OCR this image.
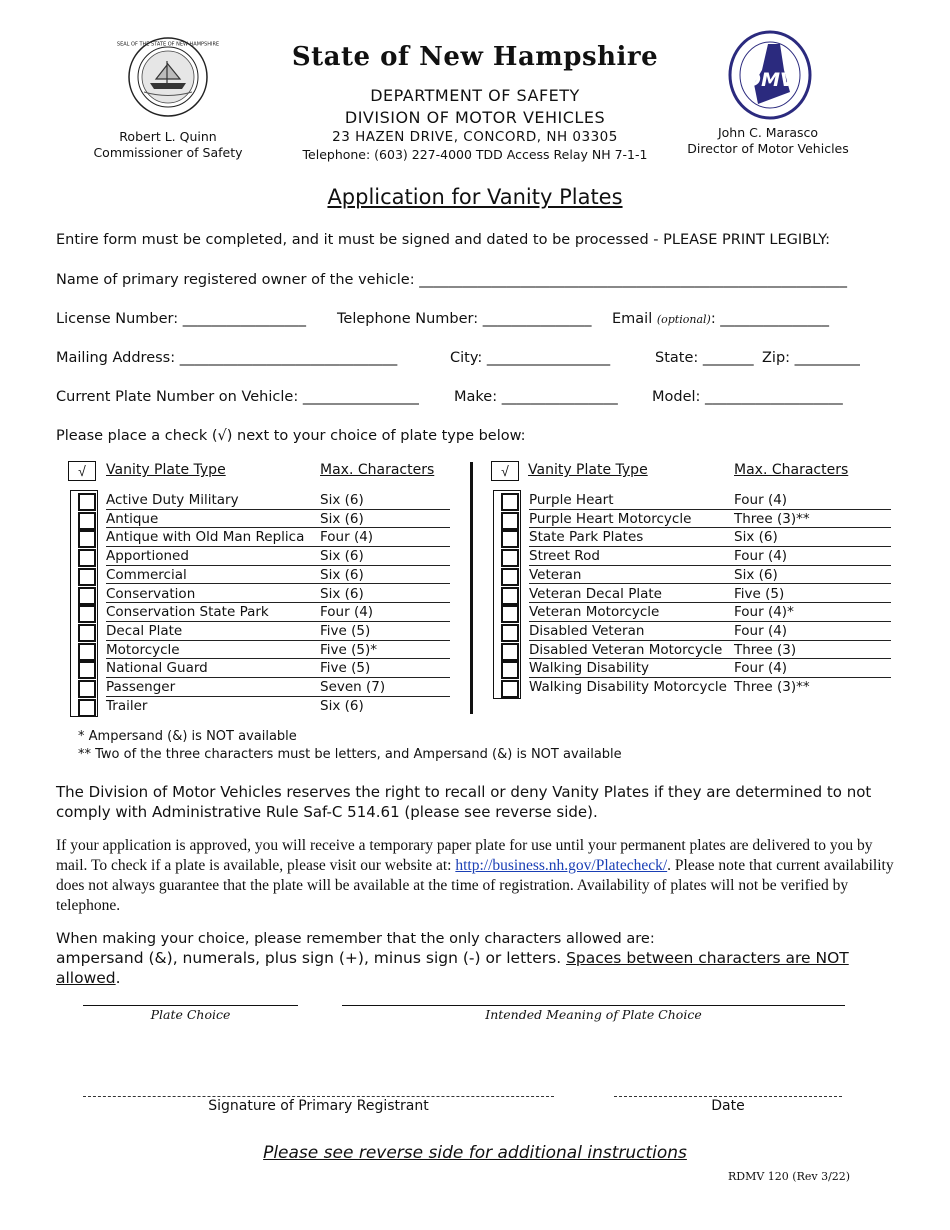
SEAL OF THE STATE OF NEW HAMPSHIRE
DMV
State of New Hampshire
DEPARTMENT OF SAFETY
DIVISION OF MOTOR VEHICLES
23 HAZEN DRIVE, CONCORD, NH 03305
Telephone: (603) 227-4000 TDD Access Relay NH 7-1-1
Robert L. Quinn
Commissioner of Safety
John C. Marasco
Director of Motor Vehicles
Application for Vanity Plates
Entire form must be completed, and it must be signed and dated to be processed - PLEASE PRINT LEGIBLY:
Name of primary registered owner of the vehicle: ___________________________________________________________
License Number: _________________ Telephone Number: _______________ Email (optional): _______________
Mailing Address: ______________________________	City: _________________	State: _______ Zip: _________
Current Plate Number on Vehicle: ________________ Make: ________________ Model: ___________________
Please place a check (√) next to your choice of plate type below:
√	Vanity Plate Type	Max. Characters	√	Vanity Plate Type	Max. Characters
Active Duty Military	Six (6)
Antique	Six (6)
Antique with Old Man Replica Four (4)
Apportioned	Six (6)
Commercial	Six (6)
Conservation	Six (6)
Conservation State Park	Four (4)
Decal Plate	Five (5)
Motorcycle	Five (5)*
National Guard	Five (5)
Passenger	Seven (7)
Trailer	Six (6)
Purple Heart	Four (4)
Purple Heart Motorcycle	Three (3)**
State Park Plates	Six (6)
Street Rod	Four (4)
Veteran	Six (6)
Veteran Decal Plate	Five (5)
Veteran Motorcycle	Four (4)*
Disabled Veteran	Four (4)
Disabled Veteran Motorcycle Three (3)
Walking Disability	Four (4)
Walking Disability Motorcycle Three (3)**
* Ampersand (&) is NOT available
** Two of the three characters must be letters, and Ampersand (&) is NOT available
The Division of Motor Vehicles reserves the right to recall or deny Vanity Plates if they are determined to not comply with Administrative Rule Saf-C 514.61 (please see reverse side).
If your application is approved, you will receive a temporary paper plate for use until your permanent plates are delivered to you by mail. To check if a plate is available, please visit our website at: http://business.nh.gov/Platecheck/. Please note that current availability does not always guarantee that the plate will be available at the time of registration. Availability of plates will not be verified by telephone.
When making your choice, please remember that the only characters allowed are:
ampersand (&), numerals, plus sign (+), minus sign (-) or letters. Spaces between characters are NOT allowed.
Plate Choice	Intended Meaning of Plate Choice
Signature of Primary Registrant	Date
Please see reverse side for additional instructions
RDMV 120 (Rev 3/22)
